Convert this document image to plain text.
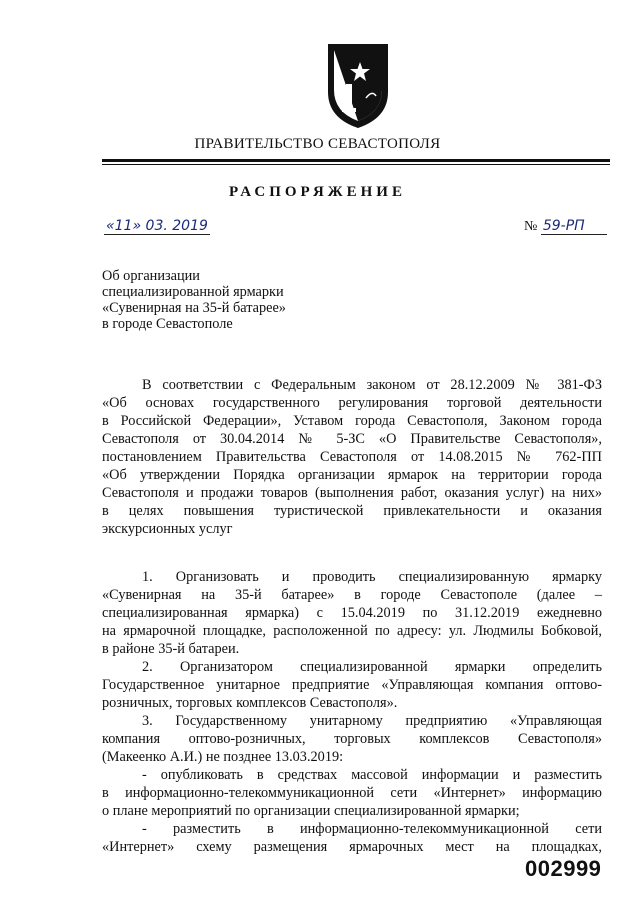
ПРАВИТЕЛЬСТВО СЕВАСТОПОЛЯ
РАСПОРЯЖЕНИЕ
«11» 03. 2019	№ 59-РП
Об организации
специализированной ярмарки
«Сувенирная на 35-й батарее»
в городе Севастополе
В соответствии с Федеральным законом от 28.12.2009 № 381-ФЗ
«Об основах государственного регулирования торговой деятельности
в Российской Федерации», Уставом города Севастополя, Законом города
Севастополя от 30.04.2014 № 5-ЗС «О Правительстве Севастополя»,
постановлением Правительства Севастополя от 14.08.2015 № 762-ПП
«Об утверждении Порядка организации ярмарок на территории города
Севастополя и продажи товаров (выполнения работ, оказания услуг) на них»
в целях повышения туристической привлекательности и оказания
экскурсионных услуг
1. Организовать и проводить специализированную ярмарку
«Сувенирная на 35-й батарее» в городе Севастополе (далее –
специализированная ярмарка) с 15.04.2019 по 31.12.2019 ежедневно
на ярмарочной площадке, расположенной по адресу: ул. Людмилы Бобковой,
в районе 35-й батареи.
2. Организатором специализированной ярмарки определить
Государственное унитарное предприятие «Управляющая компания оптово-
розничных, торговых комплексов Севастополя».
3. Государственному унитарному предприятию «Управляющая
компания оптово-розничных, торговых комплексов Севастополя»
(Макеенко А.И.) не позднее 13.03.2019:
- опубликовать в средствах массовой информации и разместить
в информационно-телекоммуникационной сети «Интернет» информацию
о плане мероприятий по организации специализированной ярмарки;
- разместить в информационно-телекоммуникационной сети
«Интернет» схему размещения ярмарочных мест на площадках,
002999
